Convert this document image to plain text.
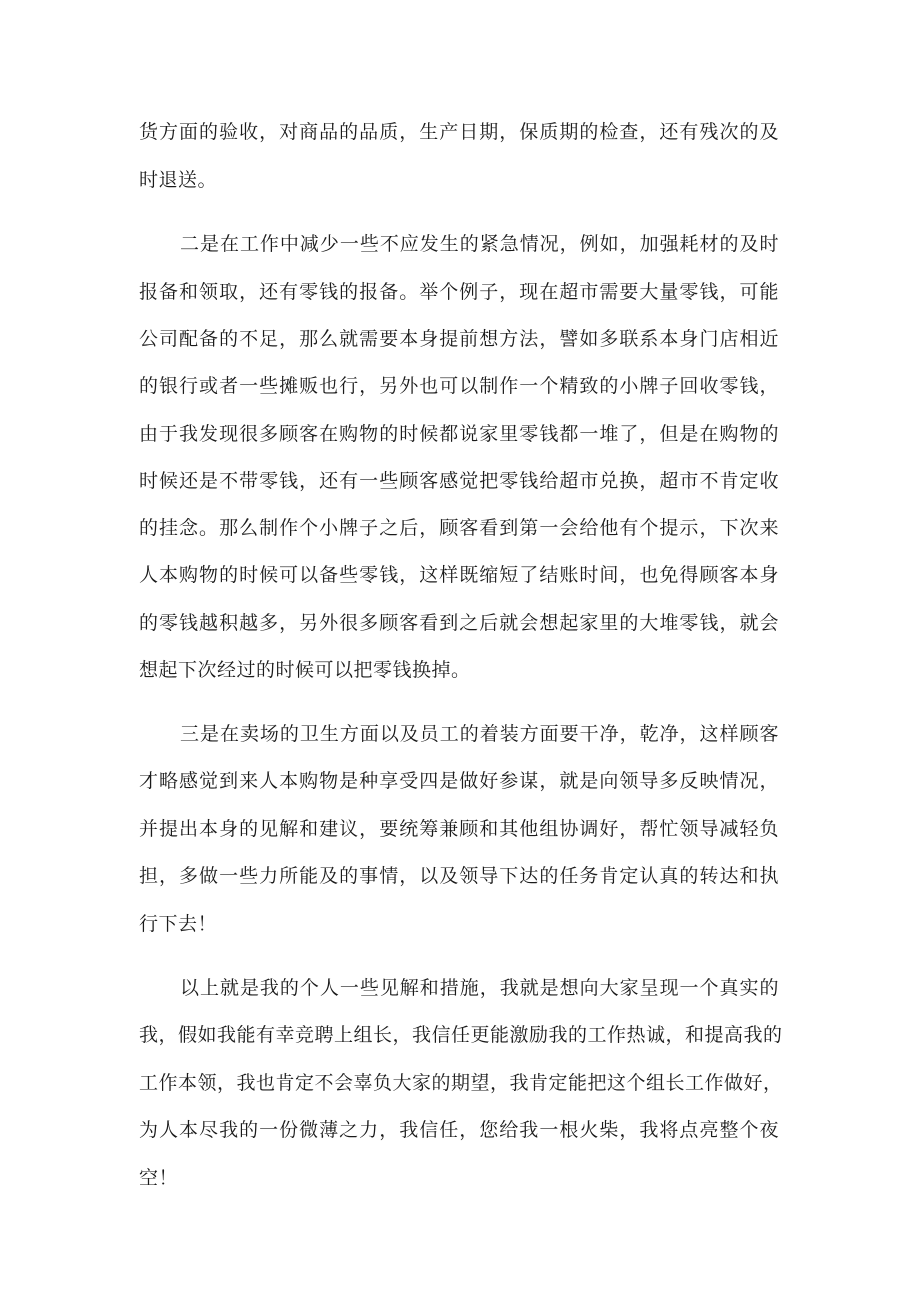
货方面的验收，对商品的品质，生产日期，保质期的检查，还有残次的及
时退送。
二是在工作中减少一些不应发生的紧急情况，例如，加强耗材的及时
报备和领取，还有零钱的报备。举个例子，现在超市需要大量零钱，可能
公司配备的不足，那么就需要本身提前想方法，譬如多联系本身门店相近
的银行或者一些摊贩也行，另外也可以制作一个精致的小牌子回收零钱，
由于我发现很多顾客在购物的时候都说家里零钱都一堆了，但是在购物的
时候还是不带零钱，还有一些顾客感觉把零钱给超市兑换，超市不肯定收
的挂念。那么制作个小牌子之后，顾客看到第一会给他有个提示，下次来
人本购物的时候可以备些零钱，这样既缩短了结账时间，也免得顾客本身
的零钱越积越多，另外很多顾客看到之后就会想起家里的大堆零钱，就会
想起下次经过的时候可以把零钱换掉。
三是在卖场的卫生方面以及员工的着装方面要干净，乾净，这样顾客
才略感觉到来人本购物是种享受四是做好参谋，就是向领导多反映情况，
并提出本身的见解和建议，要统筹兼顾和其他组协调好，帮忙领导减轻负
担，多做一些力所能及的事情，以及领导下达的任务肯定认真的转达和执
行下去！
以上就是我的个人一些见解和措施，我就是想向大家呈现一个真实的
我，假如我能有幸竞聘上组长，我信任更能激励我的工作热诚，和提高我的
工作本领，我也肯定不会辜负大家的期望，我肯定能把这个组长工作做好，
为人本尽我的一份微薄之力，我信任，您给我一根火柴，我将点亮整个夜
空！
